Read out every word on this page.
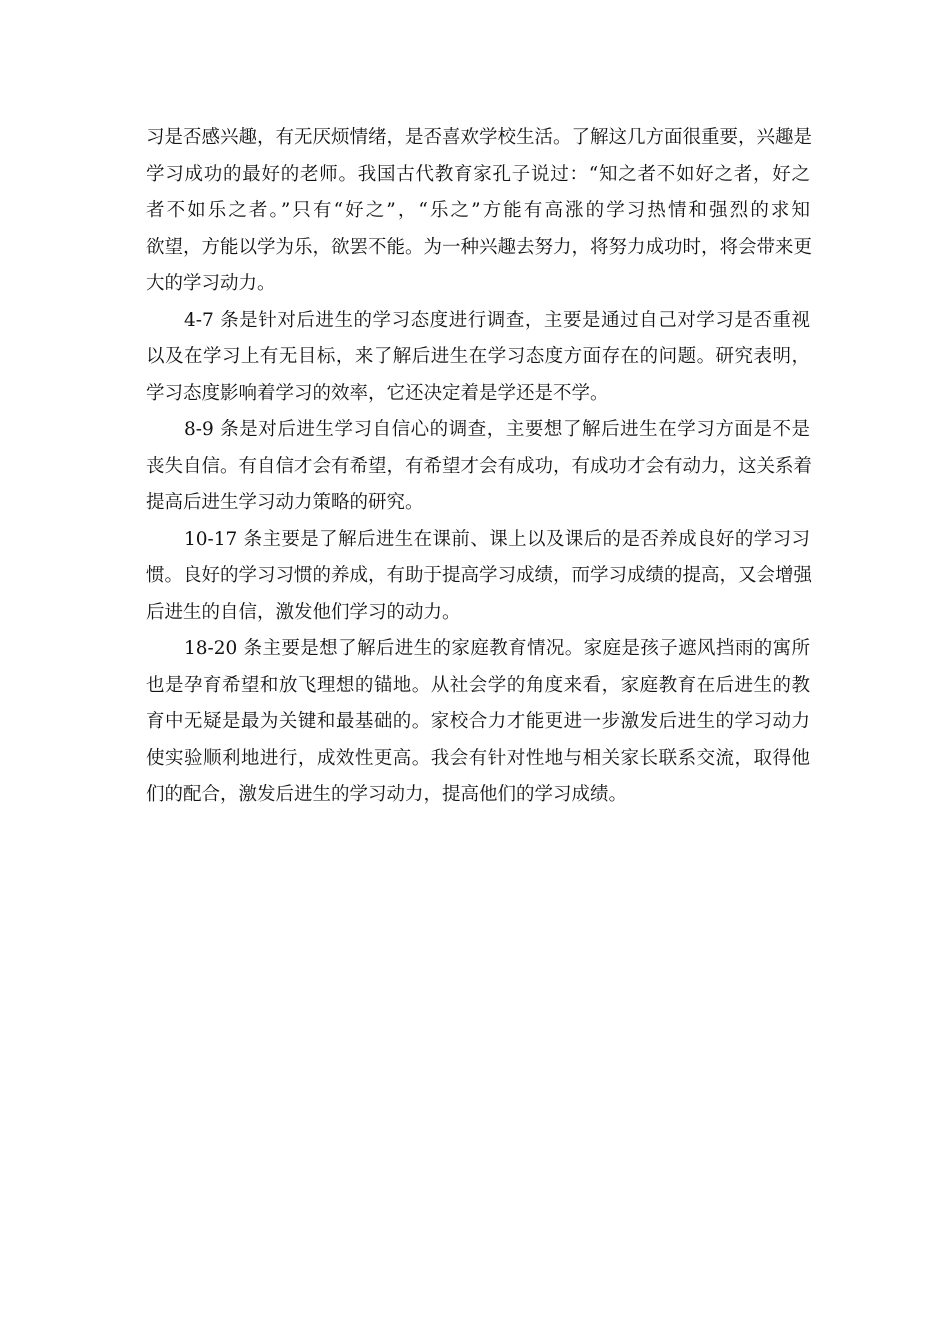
习是否感兴趣，有无厌烦情绪，是否喜欢学校生活。了解这几方面很重要，兴趣是
学习成功的最好的老师。我国古代教育家孔子说过：“知之者不如好之者，好之
者不如乐之者。”只有“好之”，“乐之”方能有高涨的学习热情和强烈的求知
欲望，方能以学为乐，欲罢不能。为一种兴趣去努力，将努力成功时，将会带来更
大的学习动力。
4-7 条是针对后进生的学习态度进行调查，主要是通过自己对学习是否重视
以及在学习上有无目标，来了解后进生在学习态度方面存在的问题。研究表明，
学习态度影响着学习的效率，它还决定着是学还是不学。
8-9 条是对后进生学习自信心的调查，主要想了解后进生在学习方面是不是
丧失自信。有自信才会有希望，有希望才会有成功，有成功才会有动力，这关系着
提高后进生学习动力策略的研究。
10-17 条主要是了解后进生在课前、课上以及课后的是否养成良好的学习习
惯。良好的学习习惯的养成，有助于提高学习成绩，而学习成绩的提高，又会增强
后进生的自信，激发他们学习的动力。
18-20 条主要是想了解后进生的家庭教育情况。家庭是孩子遮风挡雨的寓所
也是孕育希望和放飞理想的锚地。从社会学的角度来看，家庭教育在后进生的教
育中无疑是最为关键和最基础的。家校合力才能更进一步激发后进生的学习动力
使实验顺利地进行，成效性更高。我会有针对性地与相关家长联系交流，取得他
们的配合，激发后进生的学习动力，提高他们的学习成绩。
